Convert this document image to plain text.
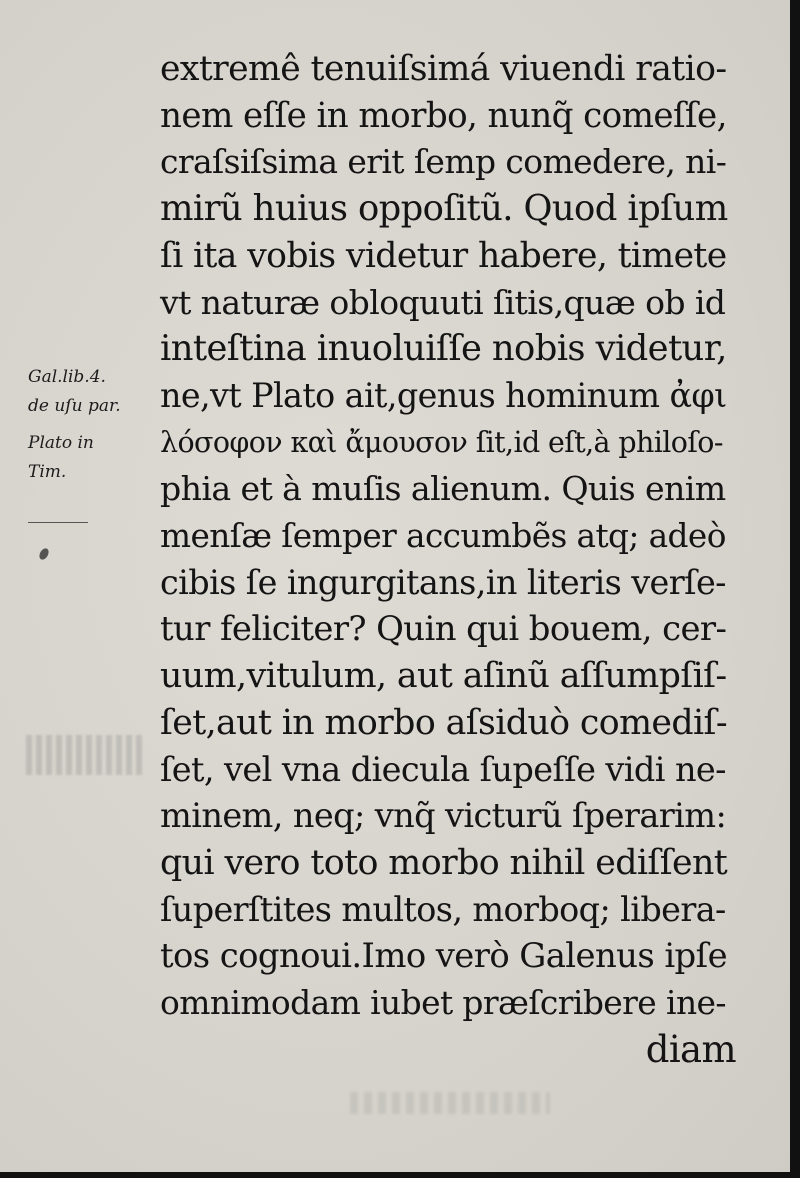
Gal.lib.4.
de uſu par.
Plato in
Tim.
extremê tenuiſsimá viuendi ratio-
nem eſſe in morbo, nunq̃ comeſſe,
craſsiſsima erit ſemp comedere, ni-
mirũ huius oppoſitũ. Quod ipſum
ſi ita vobis videtur habere, timete
vt naturæ obloquuti ſitis,quæ ob id
inteſtina inuoluiſſe nobis videtur,
ne,vt Plato ait,genus hominum ἀφι
λόσοφον καὶ ἄμουσον ſit,id eſt,à philoſo-
phia et à muſis alienum. Quis enim
menſæ ſemper accumbẽs atq; adeò
cibis ſe ingurgitans,in literis verſe-
tur feliciter? Quin qui bouem, cer-
uum,vitulum, aut aſinũ aſſumpſiſ-
ſet,aut in morbo aſsiduò comediſ-
ſet, vel vna diecula ſupeſſe vidi ne-
minem, neq; vnq̃ victurũ ſperarim:
qui vero toto morbo nihil ediſſent
ſuperſtites multos, morboq; libera-
tos cognoui.Imo verò Galenus ipſe
omnimodam iubet præſcribere ine-
diam
